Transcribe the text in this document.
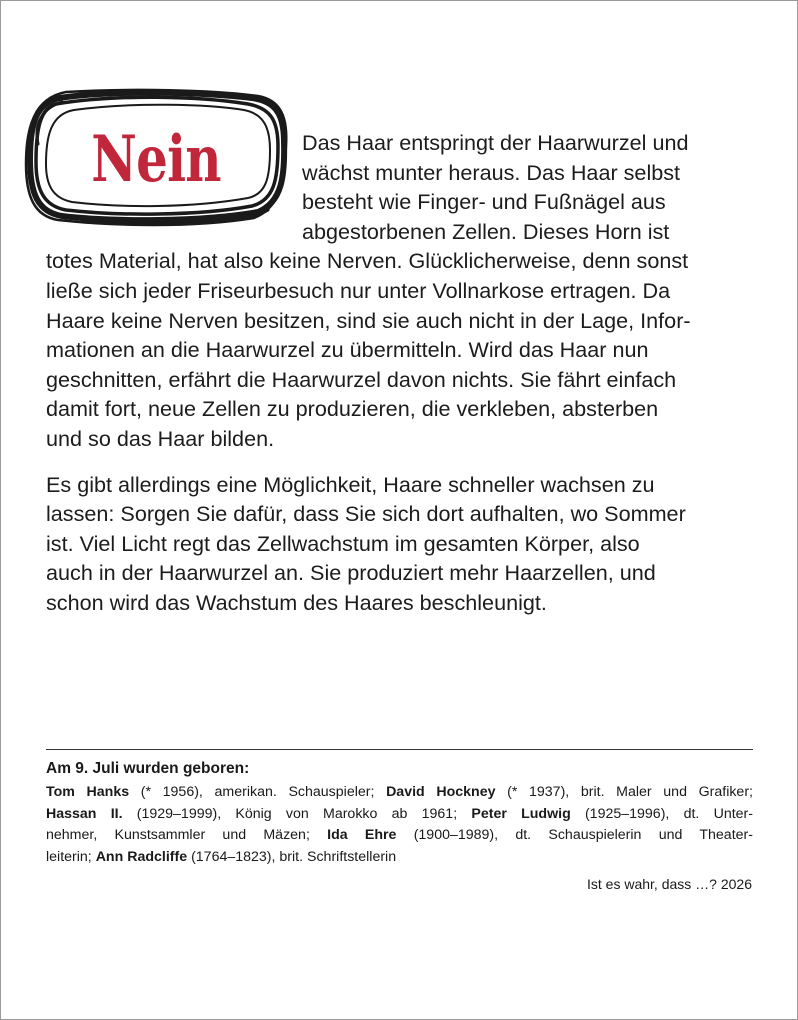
Nein	Das Haar entspringt der Haarwurzel und
wächst munter heraus. Das Haar selbst
besteht wie Finger- und Fußnägel aus
abgestorbenen Zellen. Dieses Horn ist
totes Material, hat also keine Nerven. Glücklicherweise, denn sonst
ließe sich jeder Friseurbesuch nur unter Vollnarkose ertragen. Da
Haare keine Nerven besitzen, sind sie auch nicht in der Lage, Infor-
mationen an die Haarwurzel zu übermitteln. Wird das Haar nun
geschnitten, erfährt die Haarwurzel davon nichts. Sie fährt einfach
damit fort, neue Zellen zu produzieren, die verkleben, absterben
und so das Haar bilden.
Es gibt allerdings eine Möglichkeit, Haare schneller wachsen zu
lassen: Sorgen Sie dafür, dass Sie sich dort aufhalten, wo Sommer
ist. Viel Licht regt das Zellwachstum im gesamten Körper, also
auch in der Haarwurzel an. Sie produziert mehr Haarzellen, und
schon wird das Wachstum des Haares beschleunigt.
Am 9. Juli wurden geboren:
Tom Hanks (* 1956), amerikan. Schauspieler; David Hockney (* 1937), brit. Maler und Grafiker;
Hassan II. (1929–1999), König von Marokko ab 1961; Peter Ludwig (1925–1996), dt. Unter-
nehmer, Kunstsammler und Mäzen; Ida Ehre (1900–1989), dt. Schauspielerin und Theater-
leiterin; Ann Radcliffe (1764–1823), brit. Schriftstellerin
Ist es wahr, dass …? 2026
